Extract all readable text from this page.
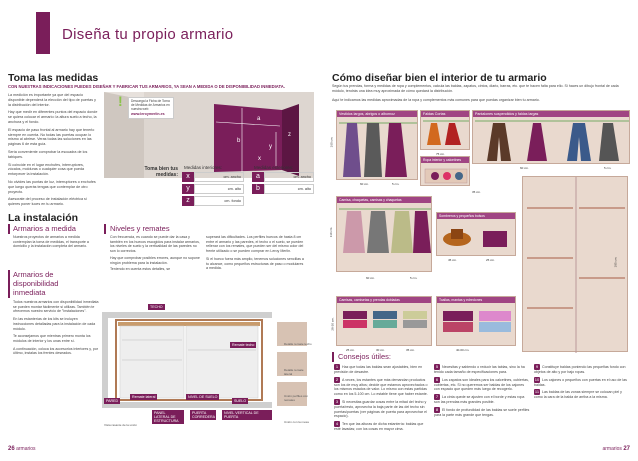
Diseña tu propio armario
Toma las medidas
CON NUESTRAS INDICACIONES PUEDES DISEÑAR Y FABRICAR TUS ARMARIOS, YA SEAN A MEDIDA O DE DISPONIBILIDAD INMEDIATA.
La medición es importante ya que del espacio disponible dependerá la elección del tipo de puertas y la distribución del interior.
Hay que medir en diferentes puntos del espacio donde se quiera colocar el armario: la altura suelo a techo, la anchura y el fondo.
El espacio de paso frontal al armario hay que tenerlo siempre en cuenta. No todas las puertas ocupan lo mismo al abrirse. Veras todas las soluciones en las páginas 6 de esta guía.
Sería conveniente comprobar la escuadra de los tabiques.
Si coincide en el lugar enchufes, interruptores, zócalos, molduras o cualquier cosa que pueda entorpecer la instalación.
No olvides las puntas de luz, interruptores o enchufes que luego querás tengas que contemplar de otro proyecto.
Asesorate del proceso de instalación eléctrica si quieres poner luces en tu armario.
a
b
y
x
z
Descarga la Ficha de Toma de Medidas de Armarios en nuestra web
www.leroymerlin.es
!
Toma bien tus medidas:
Medidas interiores:	Medidas exteriores:
x	cm. ancho
y	cm. alto
z	cm. fondo
a	cm. ancho
b	cm. alto
La instalación
Armarios a medida
Nuestros proyectos de armarios a medida contemplan la toma de medidas, el transporte a domicilio y la instalación completa del armario.
Armarios de disponibilidad inmediata
Todos nuestros armarios con disponibilidad inmediata se pueden montar fácilmente si utilizas. También te ofrecemos nuestro servicio de "Instalaciones".
En las estanterías de los kits se incluyen instrucciones detalladas para la instalación de cada módulo.
Te aconsejamos que mientras primero monta los módulos de interior y los unas entre sí.
A continuación, coloca los accesorios interiores y, por último, instalas los frentes deseados.
Niveles y remates
Con frecuencia, es cuando se puede dar la casa y también en los huecos escogidos para instalar armarios, los niveles de suelo y la verticalidad de las paredes no son lo correctos.
Hay que comprobar posibles errores, aunque no supone ningún problema para la instalación.
Teniendo en cuenta estos detalles, se
superará las dificultades. Los perfiles huecos de hasta 8 cm entre el armario y las paredes, el techo o el suelo, se pueden rellenar con los remates, que pueden ser del mismo color del frente utilizado o se pueden comprar en Leroy Merlin.
Si el hueco fuera más amplio, tenemos soluciones sencillas a tu alcance, como pequeños estructuras de paso o modulares a medida.
TECHO
PARED	SUELO
Remate lateral	NIVEL DE SUELO
Remate techo
PANEL LATERAL DE ESTRUCTURA
PUERTA CORREDERA
NIVEL VERTICAL DE PUERTA
Detalle remate techo
Detalle remate lateral
Unión perfiles con remates
Vista rasante de la unión
Unión con la mesa
Cómo diseñar bien el interior de tu armario
Según tus prendas, forma y medidas de ropa y complementos, calcula las baldas, zapatos, cintos, diario, barras, etc. que te hacen falta para ello. Si haces un dibujo frontal de cada módulo, tendrás una idea muy aproximada de cómo quedará la distribución.
Aquí te indicamos las medidas aproximadas de la ropa y complementos más comunes para que puedas organizar bien tu armario.
Vestidos largos, abrigos o albornoz
160 cm.
60 cm.	5 cm.
Faldas Cortas
75 cm.
Pantalones suspendidos y faldas largas
60 cm.	5 cm.
Ropa interior y calcetines
35 cm.
Camisa, chaquetas, camisas y chaquetas
110 cm.
60 cm.	5 cm.
Sombreros y pequeños bolsos
45 cm.	25 cm.
Camisas, camisetas y prendas dobladas
28-30 cm.
25 cm.	30 cm.	35 cm.
Toallas, mantas y edredones
40-60 cm.
185 cm.
Consejos útiles:
1 Haz que todas las baldas sean ajustables, bien en previsión de desastre.
2 A veces, los estantes que más demandan productos son los de muy altos; decide que estamos aprovechados o los mismos estados de valor. Lo mismo con estas partidas como en los 5-100 cm. Lo estable tiene que haber estante.
3 Si necesitas guardar cosas entre la mitad del techo y puerta/resto, aprovecha la baja parte de las del techo sin puertas/puertas (ver páginas de puerta para aprovechar el espacio).
4 Ten que las alturas de dicha estantería: baldas que esté lavadas; con los cosas en mayor cima.
5 Necesitas y sabiendo o reducir las tablas, sino la ha tenido cada tamaño de especificaciones para.
6 Los zapatos son ideales para los calcetines, cubiertas, cubiertas, etc. Si no queremos ser baldas de los cajones con espacio que queden más luego de recogerlo.
7 La cinta quede se ajusten con el borde y estas ropa son las prendas más grandes posible.
8 El fondo de profundidad de las baldas se suele perfiles para la parte más grande que tengas.
9 Constituye baldas poniendo las pequeñas fondo con objetos de alto y por bajo ropas.
10 Los cajones o pequeños con puertas en el uso de las baldas.
11 Las baldas de las zonas siempre se colocan piel y como la cara de la balda de arriba a la misma.
26 armarios	armarios 27
